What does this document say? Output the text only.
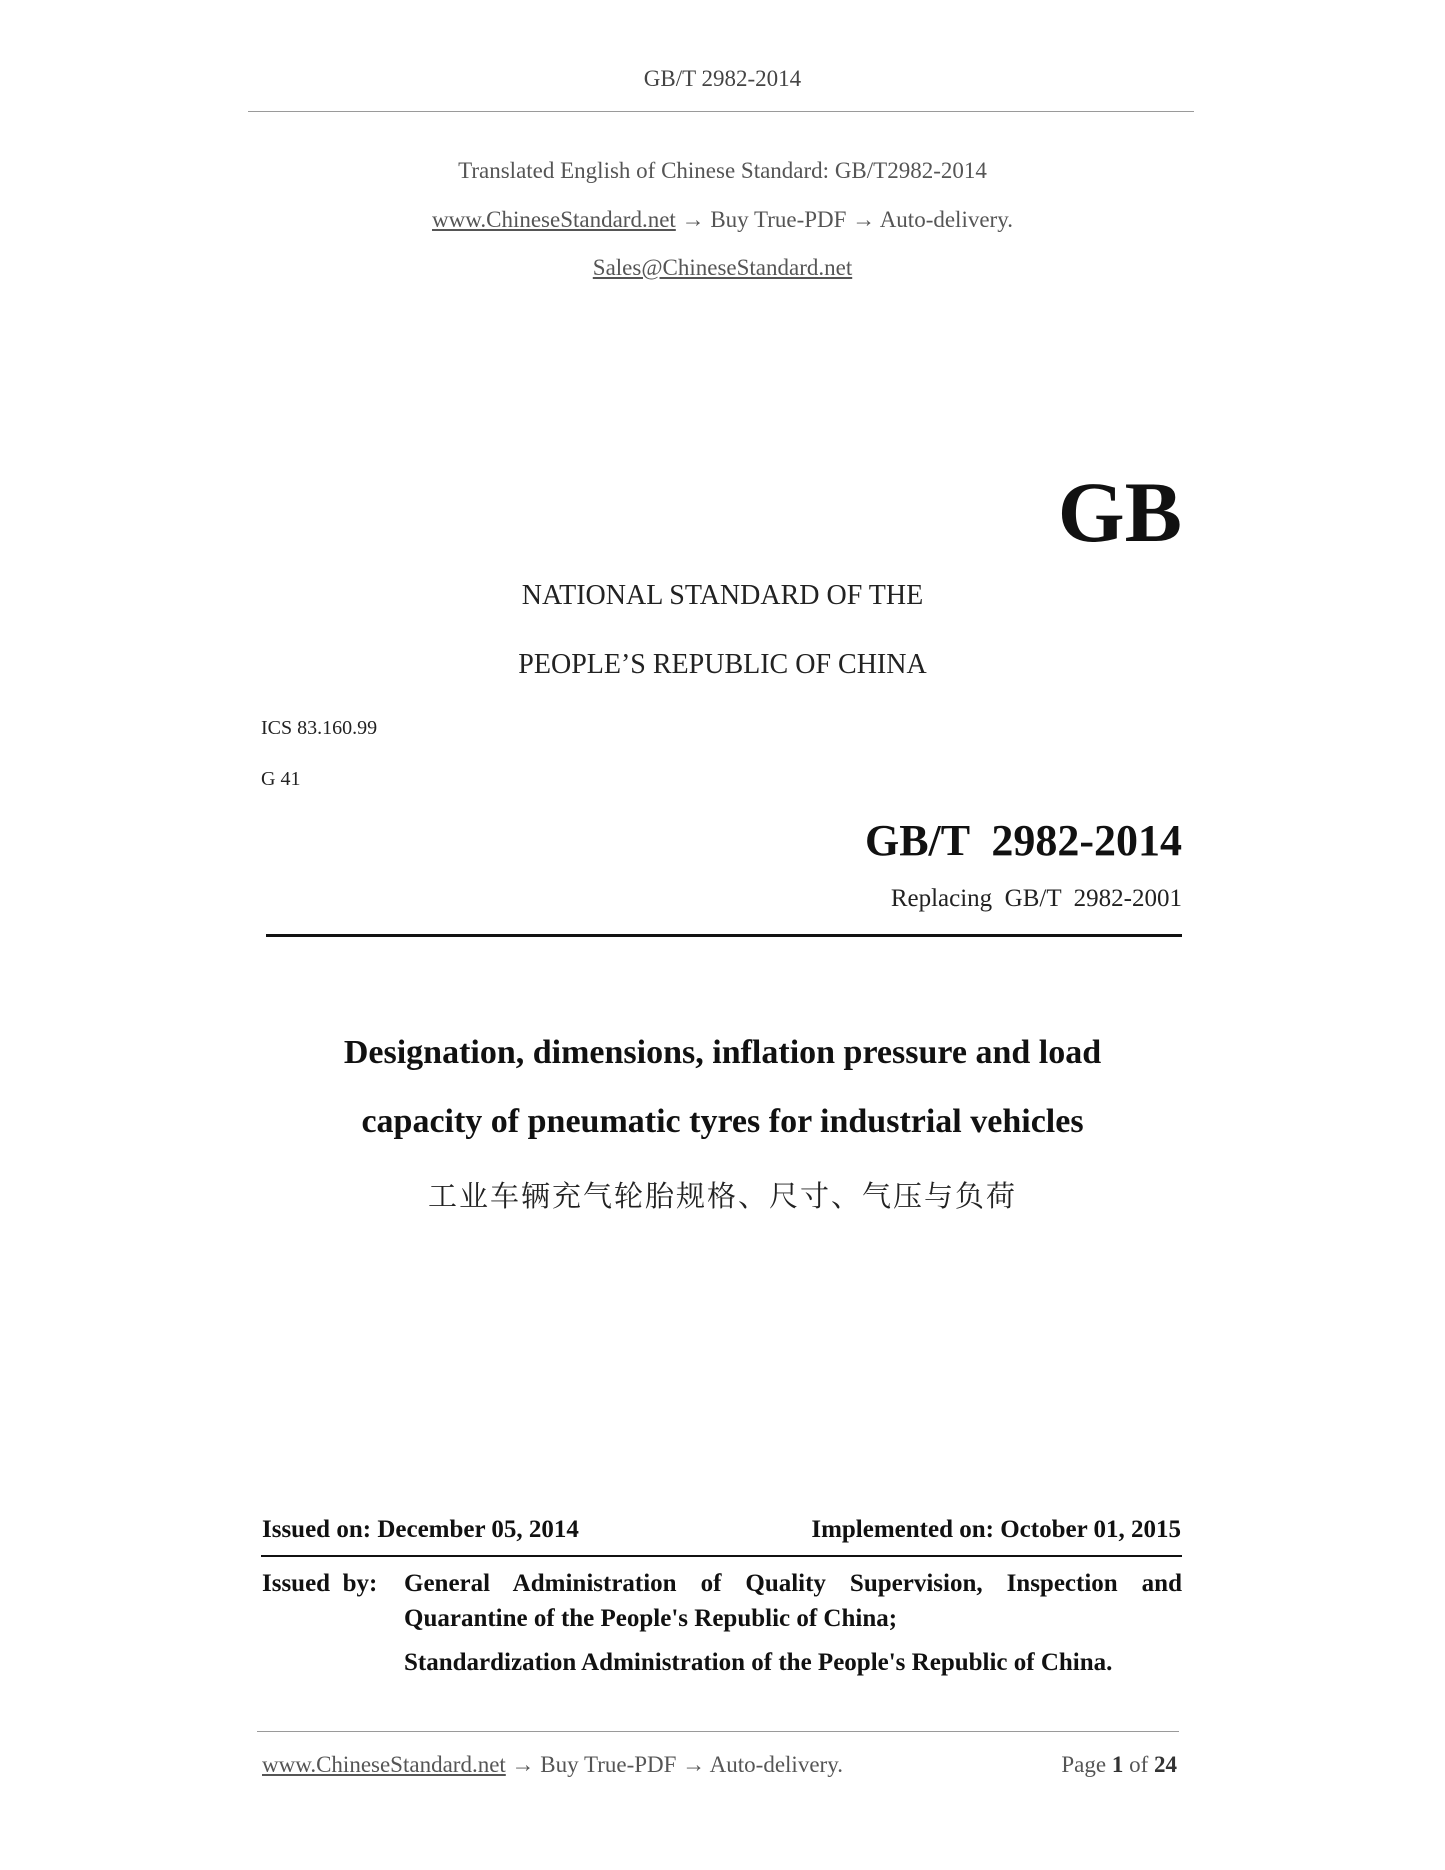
GB/T 2982-2014
Translated English of Chinese Standard: GB/T2982-2014
www.ChineseStandard.net → Buy True-PDF → Auto-delivery.
Sales@ChineseStandard.net
GB
NATIONAL STANDARD OF THE
PEOPLE’S REPUBLIC OF CHINA
ICS 83.160.99
G 41
GB/T  2982-2014
Replacing  GB/T  2982-2001
Designation, dimensions, inflation pressure and load
capacity of pneumatic tyres for industrial vehicles
工业车辆充气轮胎规格、尺寸、气压与负荷
Issued on: December 05, 2014	Implemented on: October 01, 2015
Issued  by: General Administration of Quality Supervision, Inspection and
Quarantine of the People's Republic of China;
Standardization Administration of the People's Republic of China.
www.ChineseStandard.net → Buy True-PDF → Auto-delivery.	Page 1 of 24
